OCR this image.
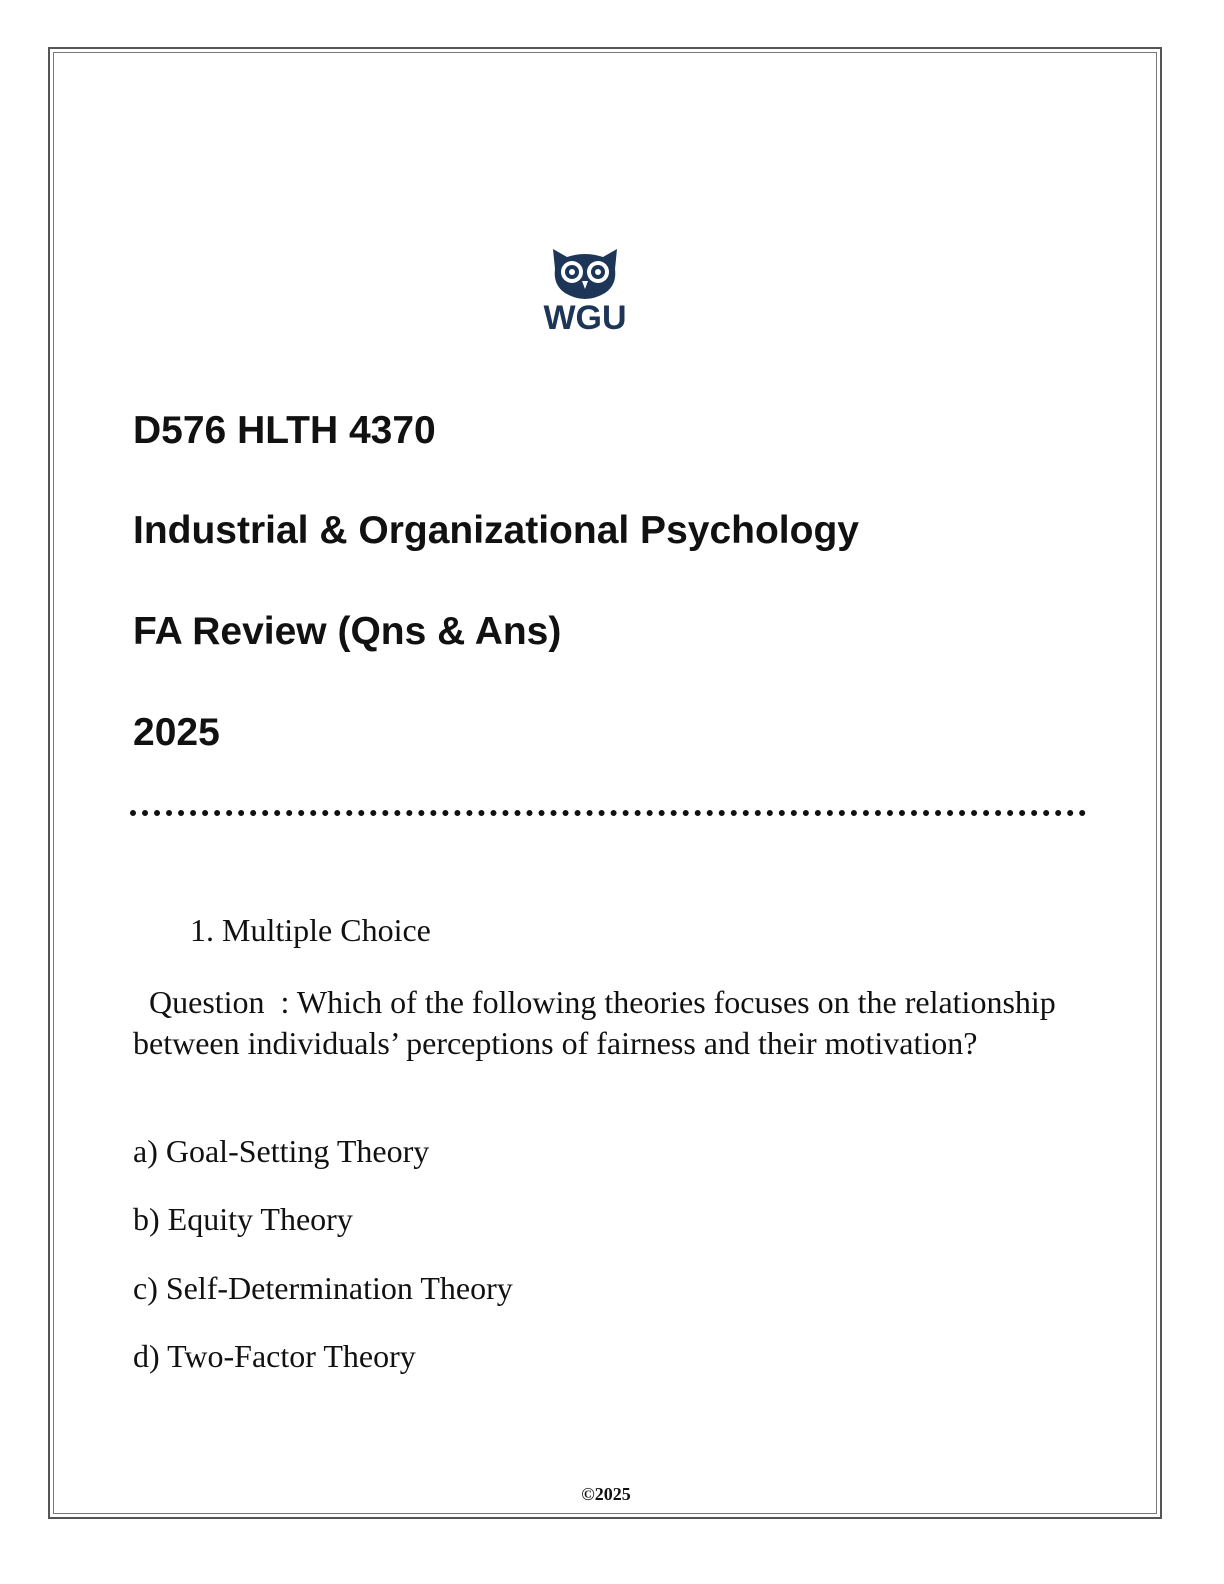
WGU
D576 HLTH 4370
Industrial & Organizational Psychology
FA Review (Qns & Ans)
2025

1. Multiple Choice

Question  : Which of the following theories focuses on the relationship between individuals’ perceptions of fairness and their motivation?

a) Goal-Setting Theory

b) Equity Theory

c) Self-Determination Theory

d) Two-Factor Theory

©2025
